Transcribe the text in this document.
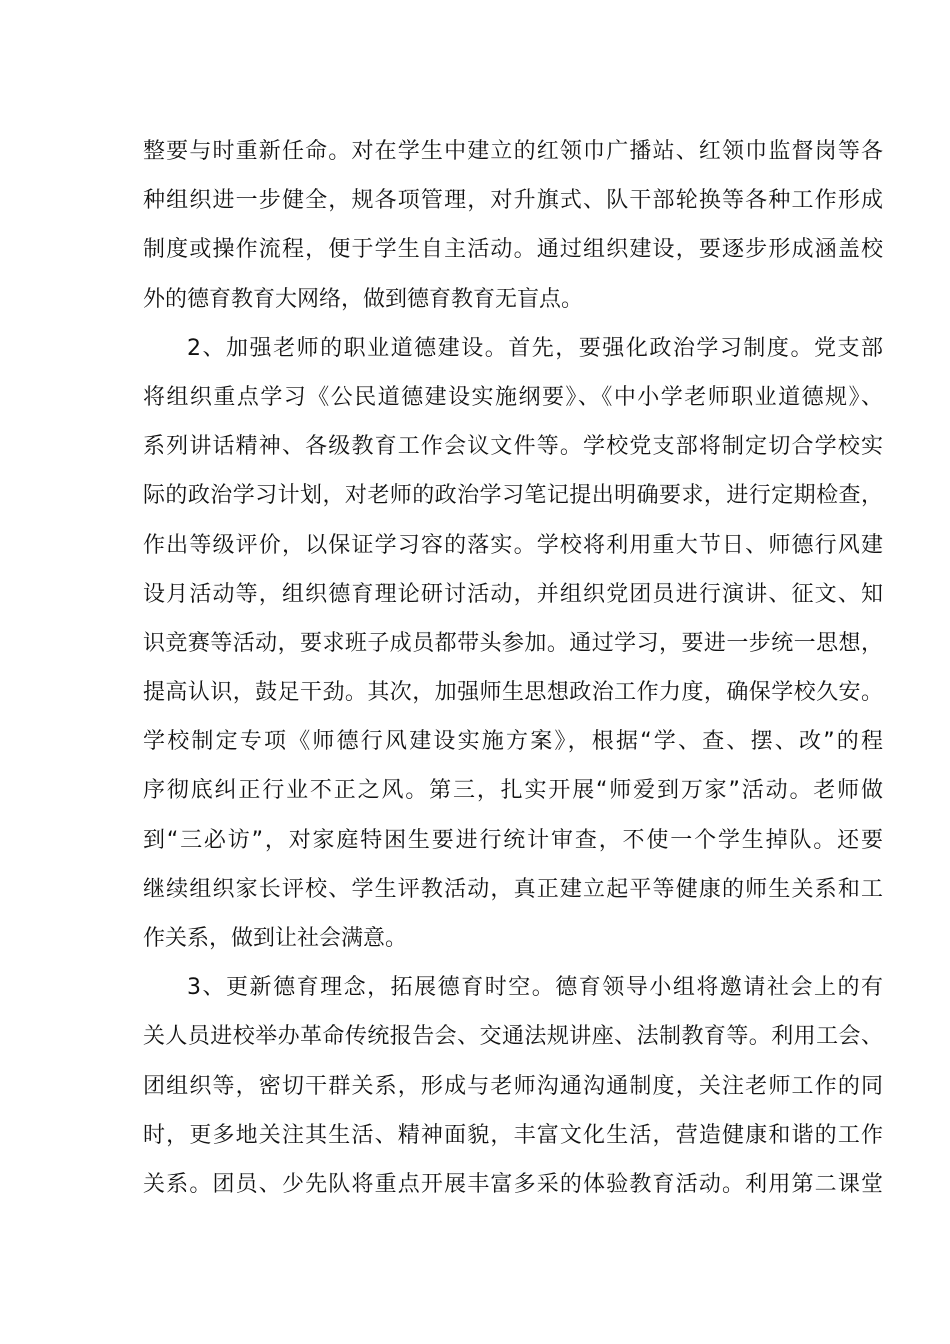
整要与时重新任命。对在学生中建立的红领巾广播站、红领巾监督岗等各
种组织进一步健全，规各项管理，对升旗式、队干部轮换等各种工作形成
制度或操作流程，便于学生自主活动。通过组织建设，要逐步形成涵盖校
外的德育教育大网络，做到德育教育无盲点。
2、加强老师的职业道德建设。首先，要强化政治学习制度。党支部
将组织重点学习《公民道德建设实施纲要》、《中小学老师职业道德规》、
系列讲话精神、各级教育工作会议文件等。学校党支部将制定切合学校实
际的政治学习计划，对老师的政治学习笔记提出明确要求，进行定期检查，
作出等级评价，以保证学习容的落实。学校将利用重大节日、师德行风建
设月活动等，组织德育理论研讨活动，并组织党团员进行演讲、征文、知
识竞赛等活动，要求班子成员都带头参加。通过学习，要进一步统一思想，
提高认识，鼓足干劲。其次，加强师生思想政治工作力度，确保学校久安。
学校制定专项《师德行风建设实施方案》，根据“学、查、摆、改”的程
序彻底纠正行业不正之风。第三，扎实开展“师爱到万家”活动。老师做
到“三必访”，对家庭特困生要进行统计审查，不使一个学生掉队。还要
继续组织家长评校、学生评教活动，真正建立起平等健康的师生关系和工
作关系，做到让社会满意。
3、更新德育理念，拓展德育时空。德育领导小组将邀请社会上的有
关人员进校举办革命传统报告会、交通法规讲座、法制教育等。利用工会、
团组织等，密切干群关系，形成与老师沟通沟通制度，关注老师工作的同
时，更多地关注其生活、精神面貌，丰富文化生活，营造健康和谐的工作
关系。团员、少先队将重点开展丰富多采的体验教育活动。利用第二课堂
